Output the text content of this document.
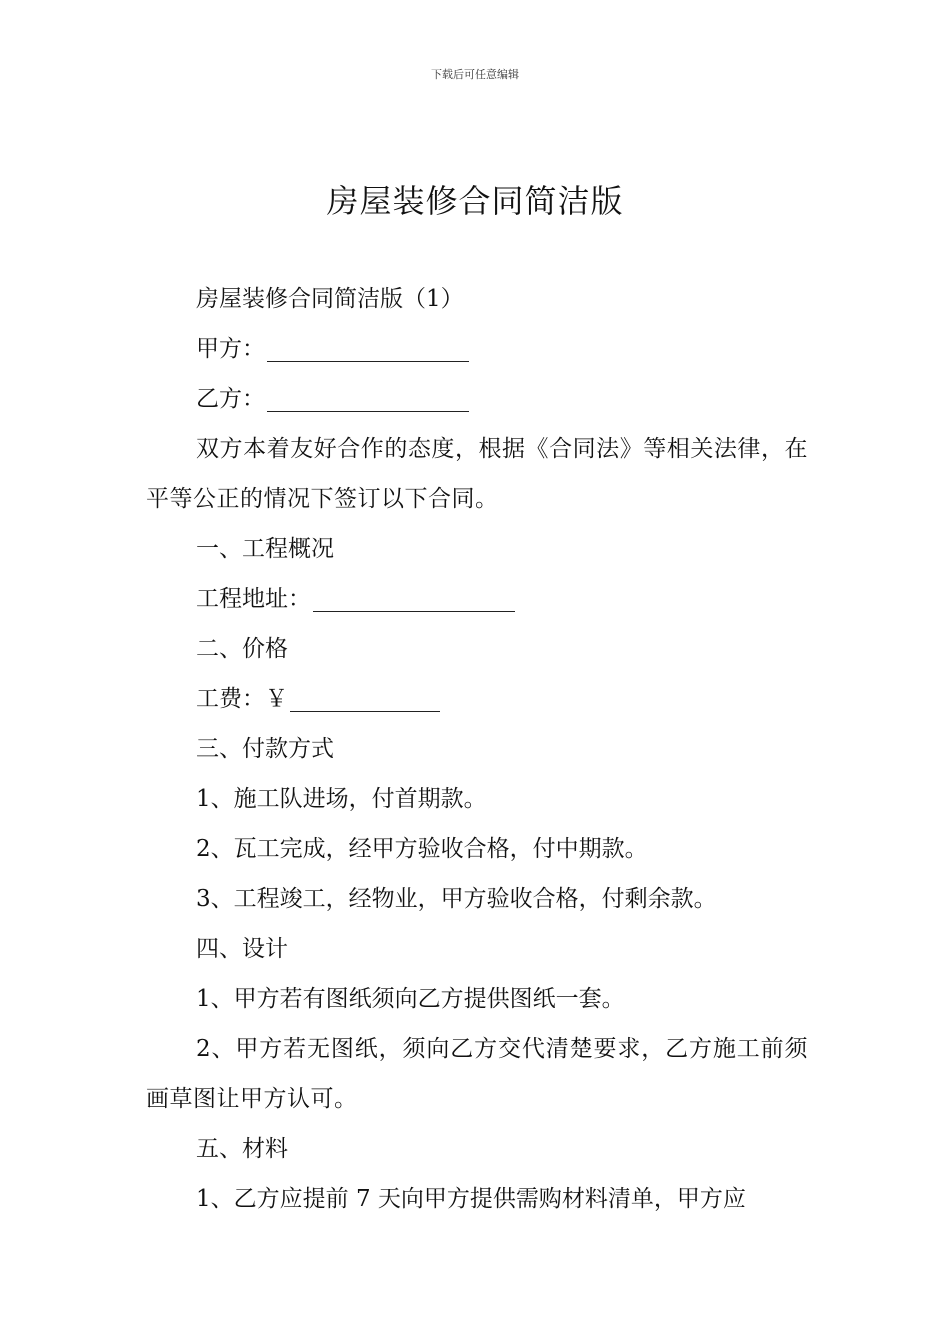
下载后可任意编辑
房屋装修合同简洁版

房屋装修合同简洁版（1）

甲方：

乙方：

双方本着友好合作的态度，根据《合同法》等相关法律，在平等公正的情况下签订以下合同。

一、工程概况

工程地址：

二、价格

工费：￥

三、付款方式

1、施工队进场，付首期款。

2、瓦工完成，经甲方验收合格，付中期款。

3、工程竣工，经物业，甲方验收合格，付剩余款。

四、设计

1、甲方若有图纸须向乙方提供图纸一套。

2、甲方若无图纸，须向乙方交代清楚要求，乙方施工前须画草图让甲方认可。

五、材料

1、乙方应提前 7 天向甲方提供需购材料清单，甲方应
